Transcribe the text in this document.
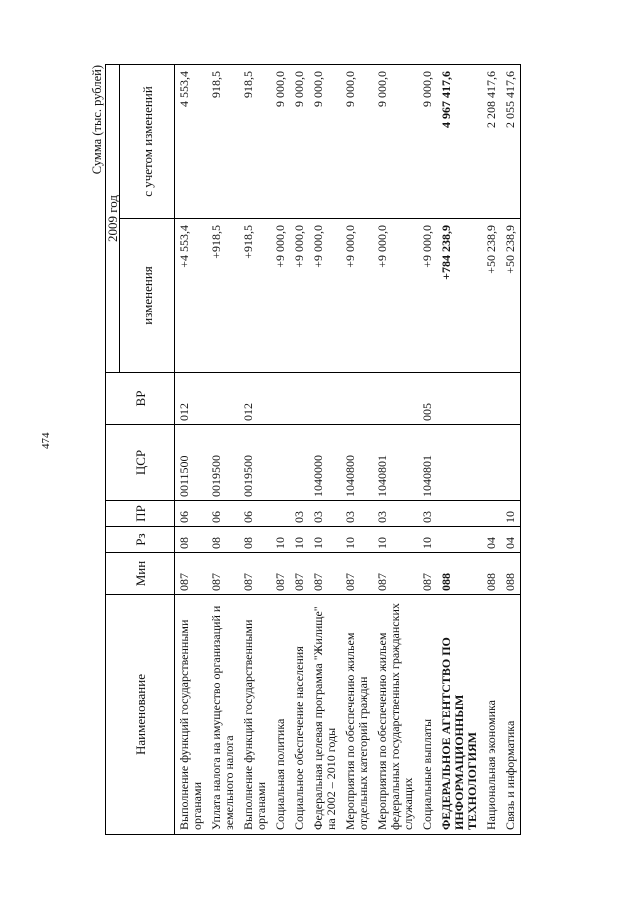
474
Сумма (тыс. рублей)
Наименование	Мин	Рз	ПР	ЦСР	ВР	2009 год	
						изменения	
							с учетом изменений
Выполнение функций государственными органами	087	08	06	0011500	012	+4 553,4	4 553,4
Уплата налога на имущество организаций и земельного налога	087	08	06	0019500		+918,5	918,5
Выполнение функций государственными органами	087	08	06	0019500	012	+918,5	918,5
Социальная политика	087	10				+9 000,0	9 000,0
Социальное обеспечение населения	087	10	03			+9 000,0	9 000,0
Федеральная целевая программа "Жилище" на 2002 – 2010 годы	087	10	03	1040000		+9 000,0	9 000,0
Мероприятия по обеспечению жильем отдельных категорий граждан	087	10	03	1040800		+9 000,0	9 000,0
Мероприятия по обеспечению жильем федеральных государственных гражданских служащих	087	10	03	1040801		+9 000,0	9 000,0
Социальные выплаты	087	10	03	1040801	005	+9 000,0	9 000,0
ФЕДЕРАЛЬНОЕ АГЕНТСТВО ПО ИНФОРМАЦИОННЫМ ТЕХНОЛОГИЯМ	088					+784 238,9	4 967 417,6
Национальная экономика	088	04				+50 238,9	2 208 417,6
Связь и информатика	088	04	10			+50 238,9	2 055 417,6
